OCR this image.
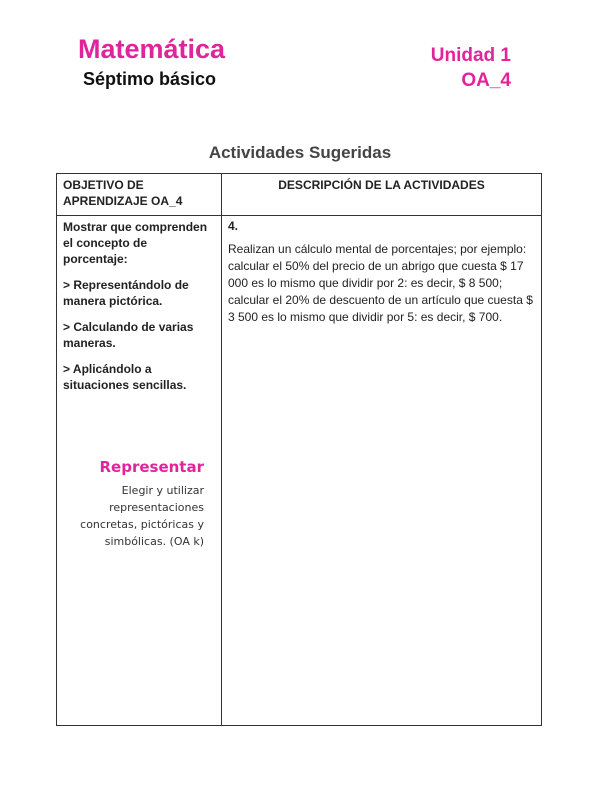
Matemática
Séptimo básico
Unidad 1
OA_4
Actividades Sugeridas
OBJETIVO DE APRENDIZAJE OA_4
DESCRIPCIÓN DE LA ACTIVIDADES

Mostrar que comprenden el concepto de porcentaje:

> Representándolo de manera pictórica.

> Calculando de varias maneras.

> Aplicándolo a situaciones sencillas.

Representar
Elegir y utilizar representaciones concretas, pictóricas y simbólicas. (OA k)
4.
Realizan un cálculo mental de porcentajes; por ejemplo: calcular el 50% del precio de un abrigo que cuesta $ 17 000 es lo mismo que dividir por 2: es decir, $ 8 500; calcular el 20% de descuento de un artículo que cuesta $ 3 500 es lo mismo que dividir por 5: es decir, $ 700.
